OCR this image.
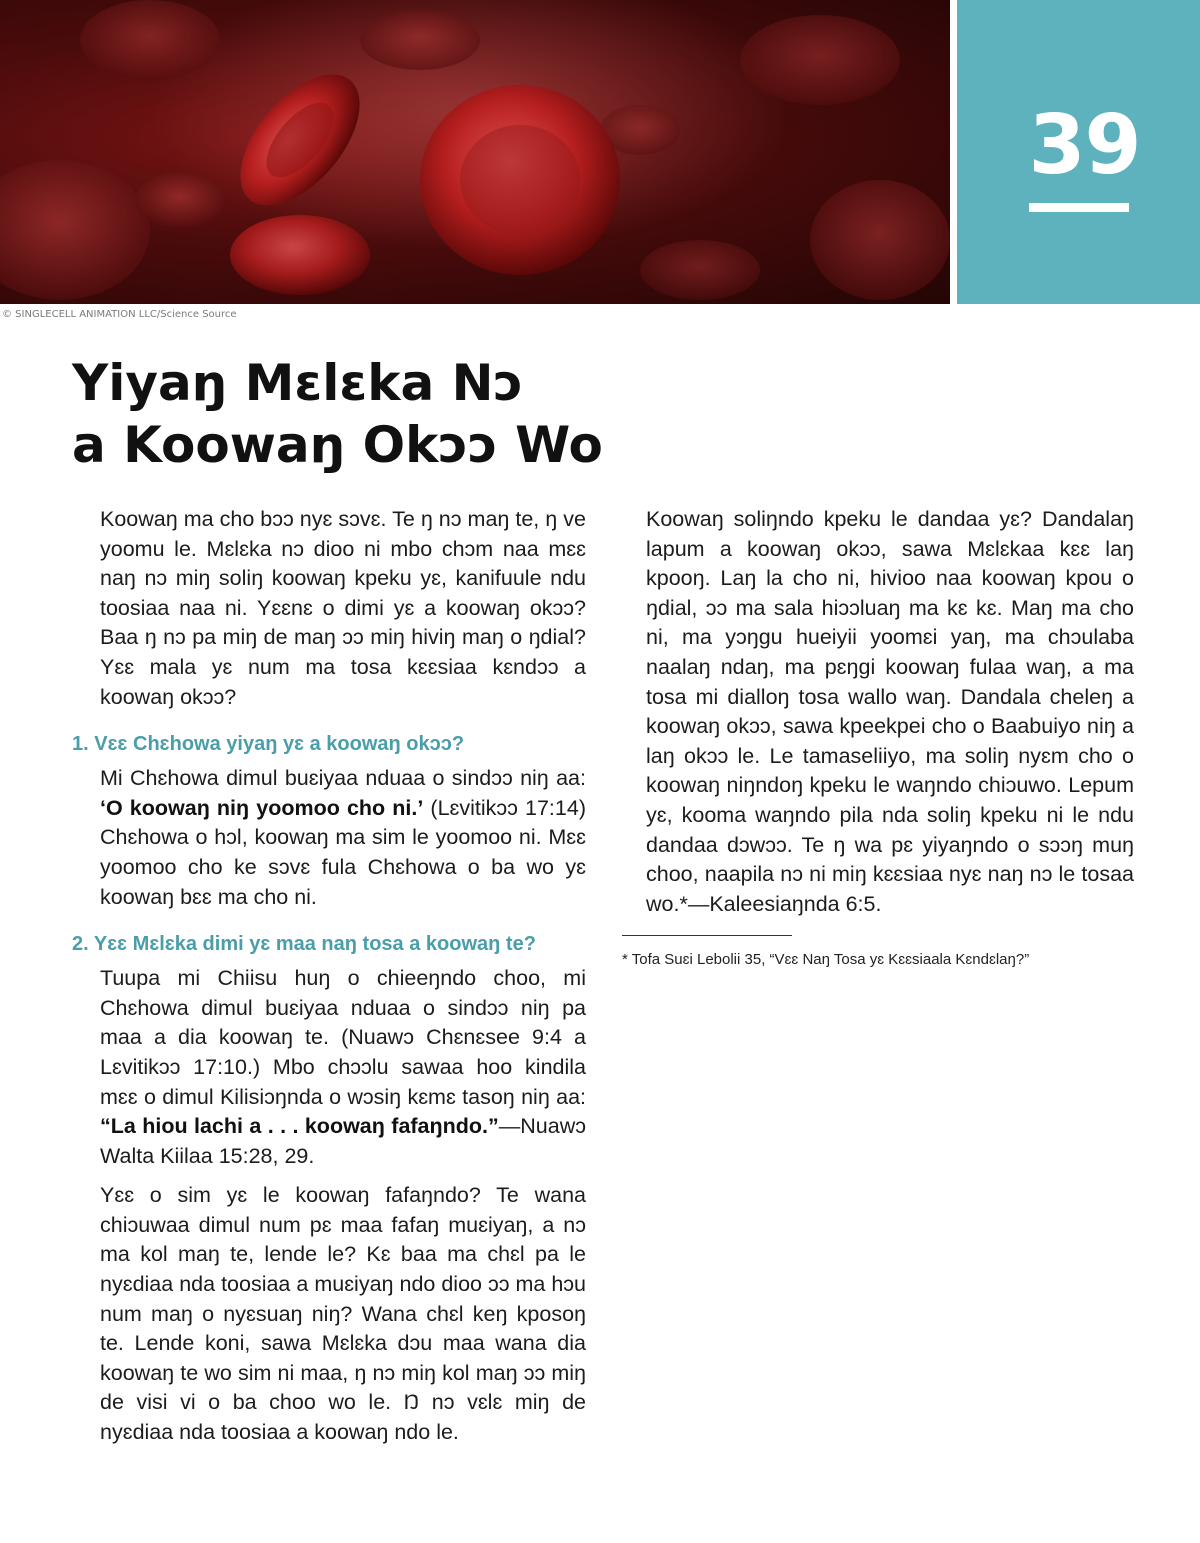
39
© SINGLECELL ANIMATION LLC/Science Source
Yiyaŋ Mɛlɛka Nɔ
a Koowaŋ Okɔɔ Wo

Koowaŋ ma cho bɔɔ nyɛ sɔvɛ. Te ŋ nɔ maŋ te, ŋ ve yoomu le. Mɛlɛka nɔ dioo ni mbo chɔm naa mɛɛ naŋ nɔ miŋ soliŋ koowaŋ kpeku yɛ, kanifuule ndu toosiaa naa ni. Yɛɛnɛ o dimi yɛ a koowaŋ okɔɔ? Baa ŋ nɔ pa miŋ de maŋ ɔɔ miŋ hiviŋ maŋ o ŋdial? Yɛɛ mala yɛ num ma tosa kɛɛsiaa kɛndɔɔ a koowaŋ okɔɔ?

1. Vɛɛ Chɛhowa yiyaŋ yɛ a koowaŋ okɔɔ?

Mi Chɛhowa dimul buɛiyaa nduaa o sindɔɔ niŋ aa: ‘O koowaŋ niŋ yoomoo cho ni.’ (Lɛvitikɔɔ 17:14) Chɛhowa o hɔl, koowaŋ ma sim le yoomoo ni. Mɛɛ yoomoo cho ke sɔvɛ fula Chɛhowa o ba wo yɛ koowaŋ bɛɛ ma cho ni.

2. Yɛɛ Mɛlɛka dimi yɛ maa naŋ tosa a koowaŋ te?

Tuupa mi Chiisu huŋ o chieeŋndo choo, mi Chɛhowa dimul buɛiyaa nduaa o sindɔɔ niŋ pa maa a dia koowaŋ te. (Nuawɔ Chɛnɛsee 9:4 a Lɛvitikɔɔ 17:10.) Mbo chɔɔlu sawaa hoo kindila mɛɛ o dimul Kilisiɔŋnda o wɔsiŋ kɛmɛ tasoŋ niŋ aa: “La hiou lachi a . . . koowaŋ fafaŋndo.”—Nuawɔ Walta Kiilaa 15:28, 29.

Yɛɛ o sim yɛ le koowaŋ fafaŋndo? Te wana chiɔuwaa dimul num pɛ maa fafaŋ muɛiyaŋ, a nɔ ma kol maŋ te, lende le? Kɛ baa ma chɛl pa le nyɛdiaa nda toosiaa a muɛiyaŋ ndo dioo ɔɔ ma hɔu num maŋ o nyɛsuaŋ niŋ? Wana chɛl keŋ kposoŋ te. Lende koni, sawa Mɛlɛka dɔu maa wana dia koowaŋ te wo sim ni maa, ŋ nɔ miŋ kol maŋ ɔɔ miŋ de visi vi o ba choo wo le. Ŋ nɔ vɛlɛ miŋ de nyɛdiaa nda toosiaa a koowaŋ ndo le.

Koowaŋ soliŋndo kpeku le dandaa yɛ? Dandalaŋ lapum a koowaŋ okɔɔ, sawa Mɛlɛkaa kɛɛ laŋ kpooŋ. Laŋ la cho ni, hivioo naa koowaŋ kpou o ŋdial, ɔɔ ma sala hiɔɔluaŋ ma kɛ kɛ. Maŋ ma cho ni, ma yɔŋgu hueiyii yoomɛi yaŋ, ma chɔulaba naalaŋ ndaŋ, ma pɛŋgi koowaŋ fulaa waŋ, a ma tosa mi dialloŋ tosa wallo waŋ. Dandala cheleŋ a koowaŋ okɔɔ, sawa kpeekpei cho o Baabuiyo niŋ a laŋ okɔɔ le. Le tamaseliiyo, ma soliŋ nyɛm cho o koowaŋ niŋndoŋ kpeku le waŋndo chiɔuwo. Lepum yɛ, kooma waŋndo pila nda soliŋ kpeku ni le ndu dandaa dɔwɔɔ. Te ŋ wa pɛ yiyaŋndo o sɔɔŋ muŋ choo, naapila nɔ ni miŋ kɛɛsiaa nyɛ naŋ nɔ le tosaa wo.*—Kaleesiaŋnda 6:5.

* Tofa Suɛi Lebolii 35, “Vɛɛ Naŋ Tosa yɛ Kɛɛsiaala Kɛndɛlaŋ?”
